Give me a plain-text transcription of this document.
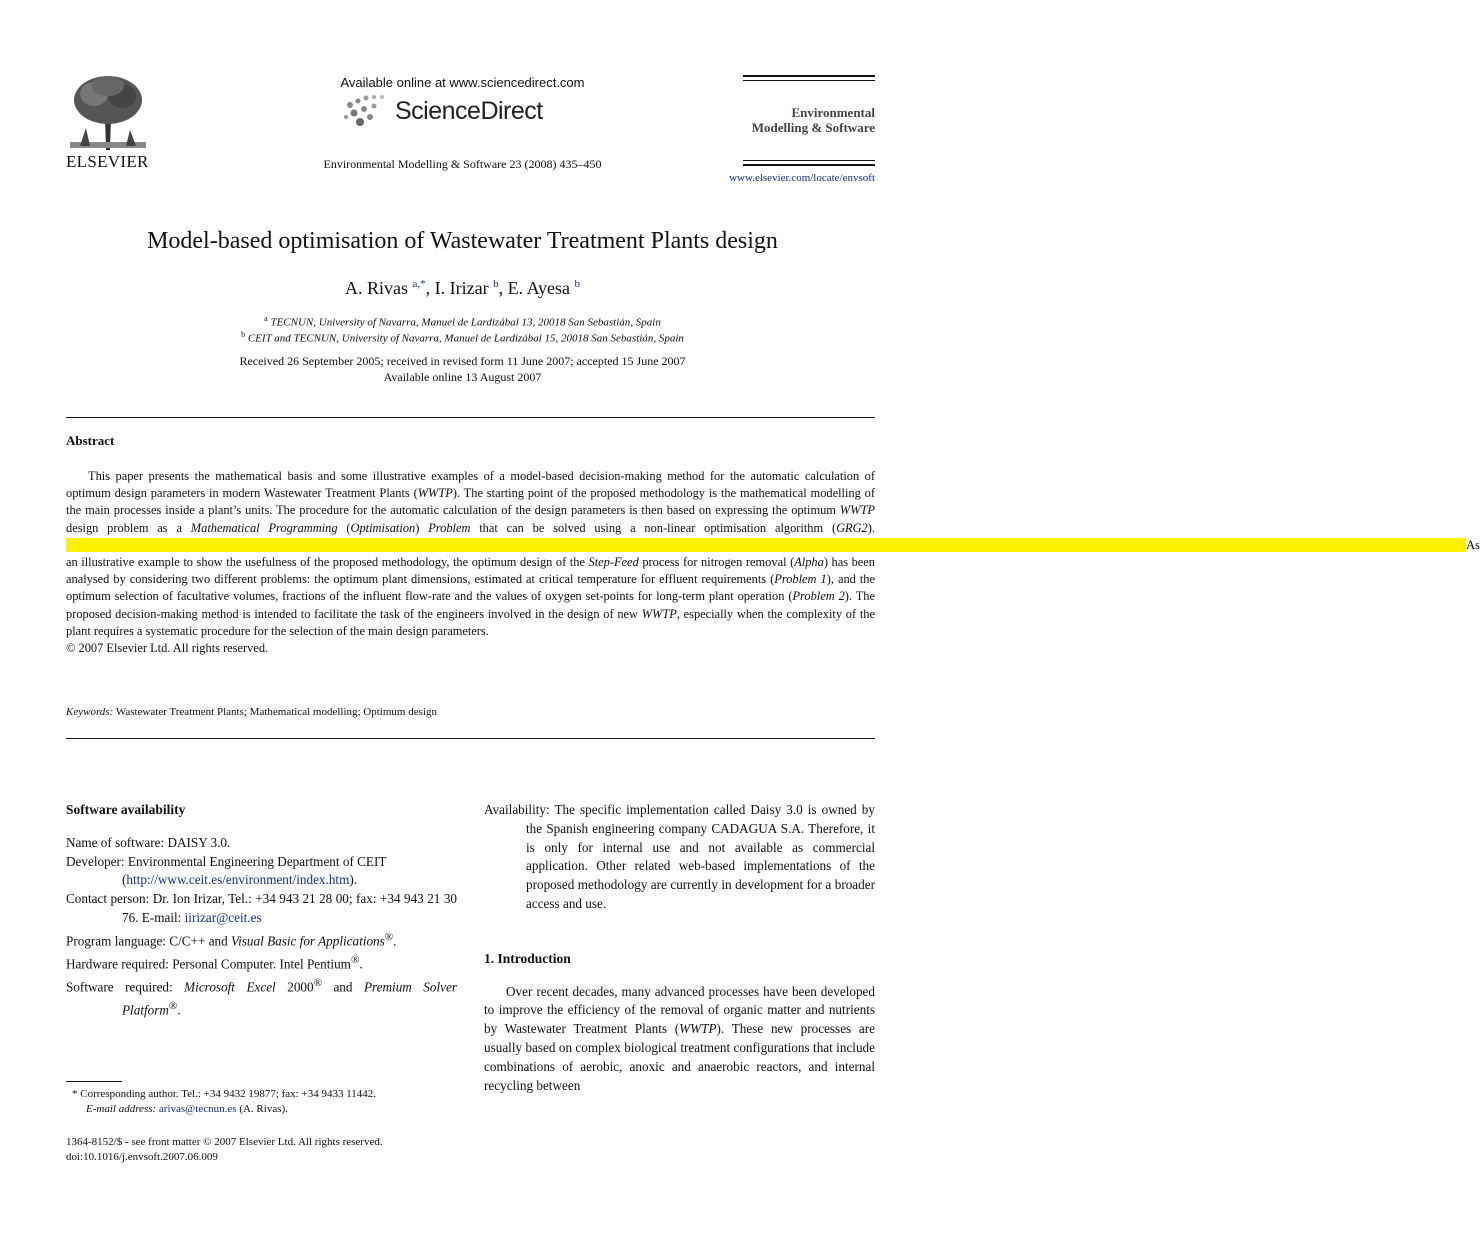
ELSEVIER
Available online at www.sciencedirect.com
ScienceDirect
Environmental Modelling & Software 23 (2008) 435–450
Environmental
Modelling & Software
www.elsevier.com/locate/envsoft
Model-based optimisation of Wastewater Treatment Plants design
A. Rivas $^{a,*}$, I. Irizar $^b$, E. Ayesa $^b$
$^a$ TECNUN, University of Navarra, Manuel de Lardizábal 13, 20018 San Sebastián, Spain
$^b$ CEIT and TECNUN, University of Navarra, Manuel de Lardizábal 15, 20018 San Sebastián, Spain
Received 26 September 2005; received in revised form 11 June 2007; accepted 15 June 2007
Available online 13 August 2007
Abstract

This paper presents the mathematical basis and some illustrative examples of a model-based decision-making method for the automatic calculation of optimum design parameters in modern Wastewater Treatment Plants (WWTP). The starting point of the proposed methodology is the mathematical modelling of the main processes inside a plant’s units. The procedure for the automatic calculation of the design parameters is then based on expressing the optimum WWTP design problem as a Mathematical Programming (Optimisation) Problem that can be solved using a non-linear optimisation algorithm (GRG2). As an illustrative example to show the usefulness of the proposed methodology, the optimum design of the Step-Feed process for nitrogen removal (Alpha) has been analysed by considering two different problems: the optimum plant dimensions, estimated at critical temperature for effluent requirements (Problem 1), and the optimum selection of facultative volumes, fractions of the influent flow-rate and the values of oxygen set-points for long-term plant operation (Problem 2). The proposed decision-making method is intended to facilitate the task of the engineers involved in the design of new WWTP, especially when the complexity of the plant requires a systematic procedure for the selection of the main design parameters.

© 2007 Elsevier Ltd. All rights reserved.
Keywords: Wastewater Treatment Plants; Mathematical modelling; Optimum design

Software availability

Name of software: DAISY 3.0.

Developer: Environmental Engineering Department of CEIT (http://www.ceit.es/environment/index.htm).

Contact person: Dr. Ion Irizar, Tel.: +34 943 21 28 00; fax: +34 943 21 30 76. E-mail: iirizar@ceit.es

Program language: C/C++ and Visual Basic for Applications®.

Hardware required: Personal Computer. Intel Pentium®.

Software required: Microsoft Excel 2000® and Premium Solver Platform®.

Availability: The specific implementation called Daisy 3.0 is owned by the Spanish engineering company CADAGUA S.A. Therefore, it is only for internal use and not available as commercial application. Other related web-based implementations of the proposed methodology are currently in development for a broader access and use.

1. Introduction

Over recent decades, many advanced processes have been developed to improve the efficiency of the removal of organic matter and nutrients by Wastewater Treatment Plants (WWTP). These new processes are usually based on complex biological treatment configurations that include combinations of aerobic, anoxic and anaerobic reactors, and internal recycling between

* Corresponding author. Tel.: +34 9432 19877; fax: +34 9433 11442.
E-mail address: arivas@tecnun.es (A. Rivas).
1364-8152/$ - see front matter © 2007 Elsevier Ltd. All rights reserved.
doi:10.1016/j.envsoft.2007.06.009
